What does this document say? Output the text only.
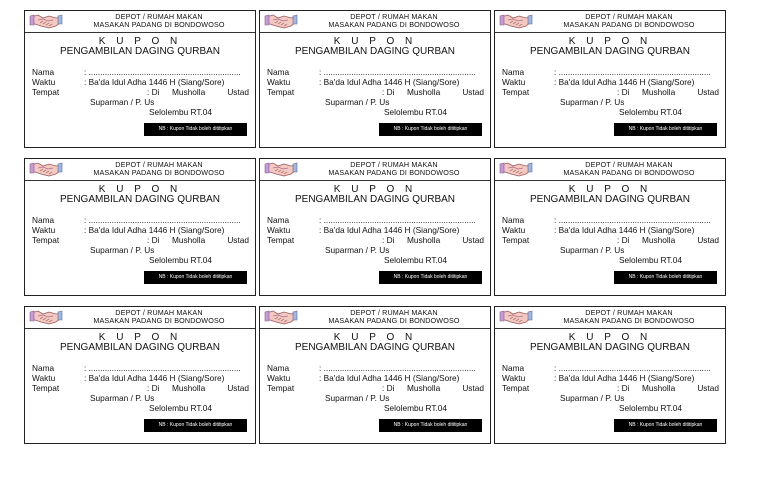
DEPOT / RUMAH MAKAN
MASAKAN PADANG DI BONDOWOSO
K U P O N
PENGAMBILAN DAGING QURBAN
Nama	: ..................................................................
Waktu	: Ba'da Idul Adha 1446 H (Siang/Sore)
Tempat	: Di Musholla	Ustad
Suparman / P. Us
Selolembu RT.04
NB : Kupon Tidak boleh dititipkan
DEPOT / RUMAH MAKAN
MASAKAN PADANG DI BONDOWOSO
K U P O N
PENGAMBILAN DAGING QURBAN
Nama	: ..................................................................
Waktu	: Ba'da Idul Adha 1446 H (Siang/Sore)
Tempat	: Di Musholla	Ustad
Suparman / P. Us
Selolembu RT.04
NB : Kupon Tidak boleh dititipkan
DEPOT / RUMAH MAKAN
MASAKAN PADANG DI BONDOWOSO
K U P O N
PENGAMBILAN DAGING QURBAN
Nama	: ..................................................................
Waktu	: Ba'da Idul Adha 1446 H (Siang/Sore)
Tempat	: Di Musholla	Ustad
Suparman / P. Us
Selolembu RT.04
NB : Kupon Tidak boleh dititipkan
DEPOT / RUMAH MAKAN
MASAKAN PADANG DI BONDOWOSO
K U P O N
PENGAMBILAN DAGING QURBAN
Nama	: ..................................................................
Waktu	: Ba'da Idul Adha 1446 H (Siang/Sore)
Tempat	: Di Musholla	Ustad
Suparman / P. Us
Selolembu RT.04
NB : Kupon Tidak boleh dititipkan
DEPOT / RUMAH MAKAN
MASAKAN PADANG DI BONDOWOSO
K U P O N
PENGAMBILAN DAGING QURBAN
Nama	: ..................................................................
Waktu	: Ba'da Idul Adha 1446 H (Siang/Sore)
Tempat	: Di Musholla	Ustad
Suparman / P. Us
Selolembu RT.04
NB : Kupon Tidak boleh dititipkan
DEPOT / RUMAH MAKAN
MASAKAN PADANG DI BONDOWOSO
K U P O N
PENGAMBILAN DAGING QURBAN
Nama	: ..................................................................
Waktu	: Ba'da Idul Adha 1446 H (Siang/Sore)
Tempat	: Di Musholla	Ustad
Suparman / P. Us
Selolembu RT.04
NB : Kupon Tidak boleh dititipkan
DEPOT / RUMAH MAKAN
MASAKAN PADANG DI BONDOWOSO
K U P O N
PENGAMBILAN DAGING QURBAN
Nama	: ..................................................................
Waktu	: Ba'da Idul Adha 1446 H (Siang/Sore)
Tempat	: Di Musholla	Ustad
Suparman / P. Us
Selolembu RT.04
NB : Kupon Tidak boleh dititipkan
DEPOT / RUMAH MAKAN
MASAKAN PADANG DI BONDOWOSO
K U P O N
PENGAMBILAN DAGING QURBAN
Nama	: ..................................................................
Waktu	: Ba'da Idul Adha 1446 H (Siang/Sore)
Tempat	: Di Musholla	Ustad
Suparman / P. Us
Selolembu RT.04
NB : Kupon Tidak boleh dititipkan
DEPOT / RUMAH MAKAN
MASAKAN PADANG DI BONDOWOSO
K U P O N
PENGAMBILAN DAGING QURBAN
Nama	: ..................................................................
Waktu	: Ba'da Idul Adha 1446 H (Siang/Sore)
Tempat	: Di Musholla	Ustad
Suparman / P. Us
Selolembu RT.04
NB : Kupon Tidak boleh dititipkan
